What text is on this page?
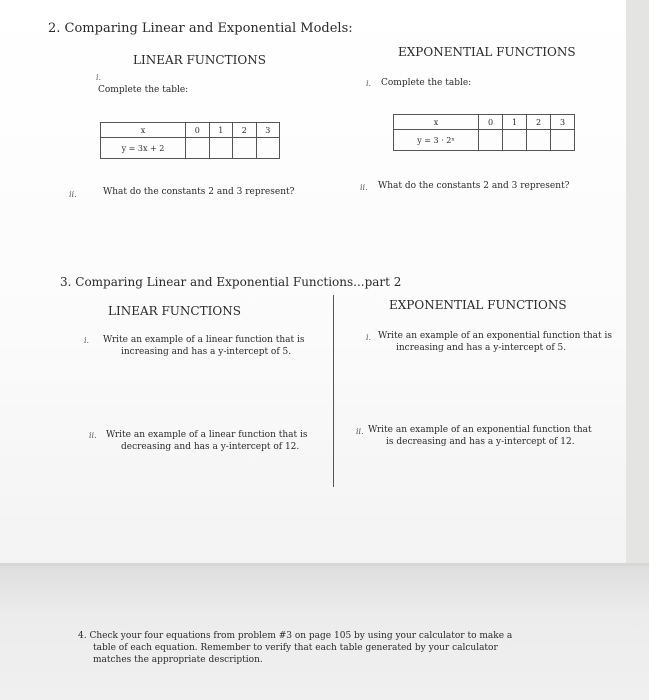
2. Comparing Linear and Exponential Models:
LINEAR FUNCTIONS
EXPONENTIAL FUNCTIONS
i.
Complete the table:
i. Complete the table:
x	0	1	2	3
y = 3x + 2				
x	0	1	2	3
y = 3 · 2ˣ				
ii.	What do the constants 2 and 3 represent?	ii. What do the constants 2 and 3 represent?
3. Comparing Linear and Exponential Functions...part 2
LINEAR FUNCTIONS	EXPONENTIAL FUNCTIONS
i. Write an example of a linear function that is
increasing and has a y-intercept of 5.
i. Write an example of an exponential function that is
increasing and has a y-intercept of 5.
ii. Write an example of a linear function that is
decreasing and has a y-intercept of 12.
ii. Write an example of an exponential function that
is decreasing and has a y-intercept of 12.
4. Check your four equations from problem #3 on page 105 by using your calculator to make a
table of each equation. Remember to verify that each table generated by your calculator
matches the appropriate description.
